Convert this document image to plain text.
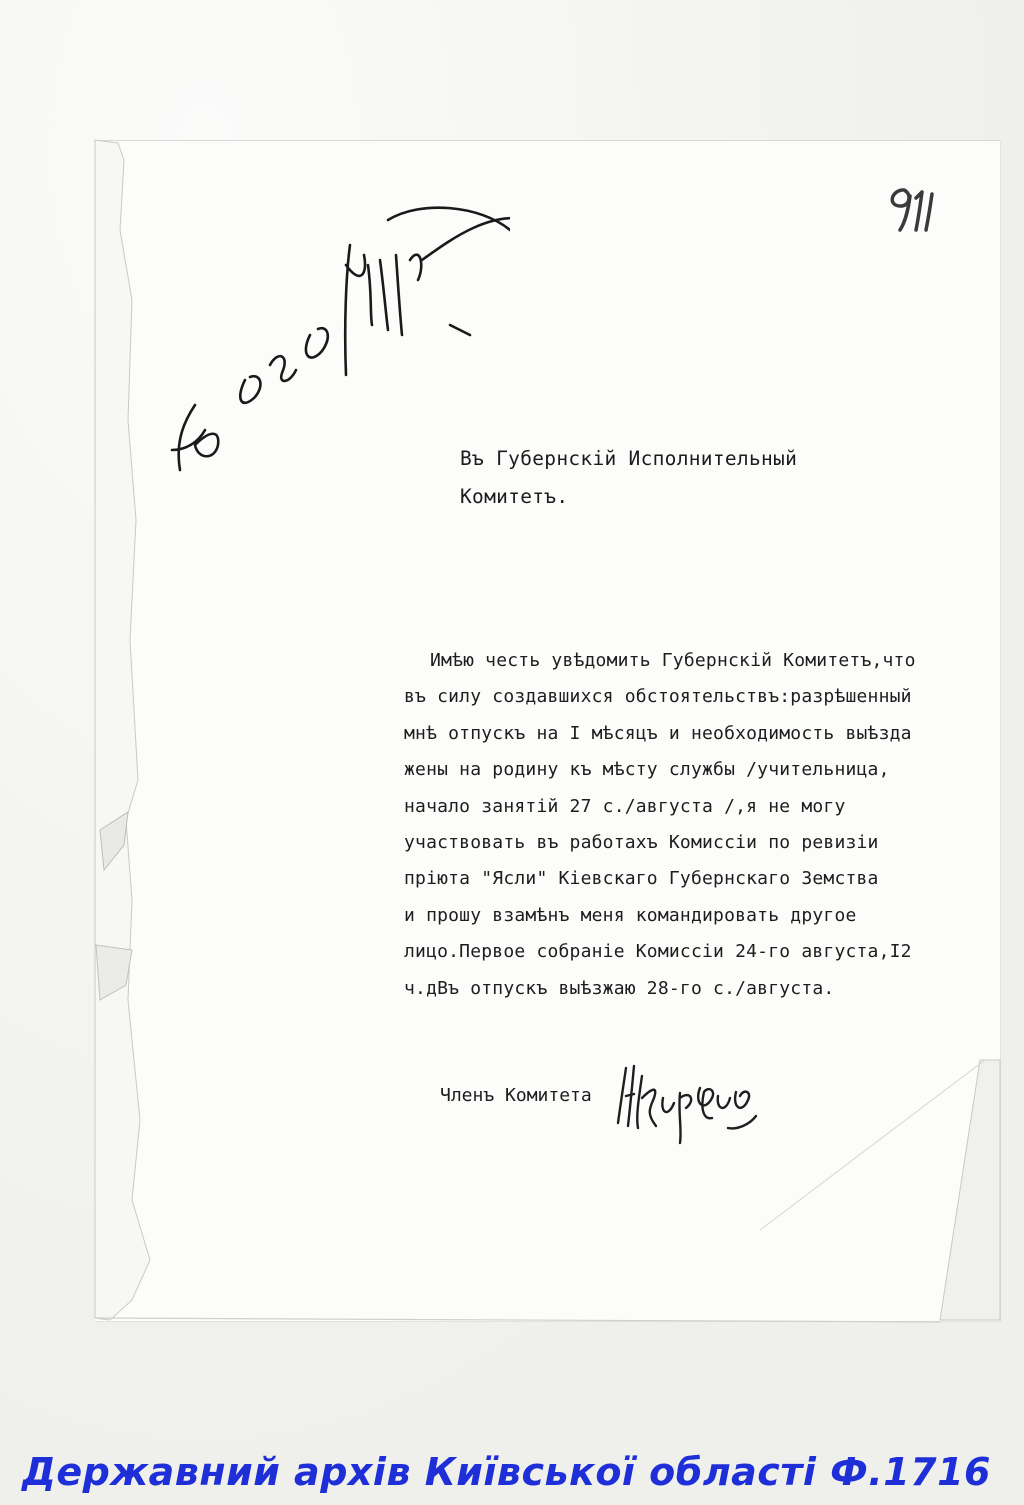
91
Въ Губернскій Исполнительный
Комитетъ.
Имѣю честь увѣдомить Губернскій Комитетъ,что
въ силу создавшихся обстоятельствъ:разрѣшенный
мнѣ отпускъ на I мѣсяцъ и необходимость выѣзда
жены на родину къ мѣсту службы /учительница,
начало занятій 27 с./августа /,я не могу
участвовать въ работахъ Комиссіи по ревизіи
пріюта "Ясли" Кіевскаго Губернскаго Земства
и прошу взамѣнъ меня командировать другое
лицо.Первое собраніе Комиссіи 24-го августа,I2
ч.дВъ отпускъ выѣзжаю 28-го с./августа.
Членъ Комитета
Державний архів Київської області Ф.1716
